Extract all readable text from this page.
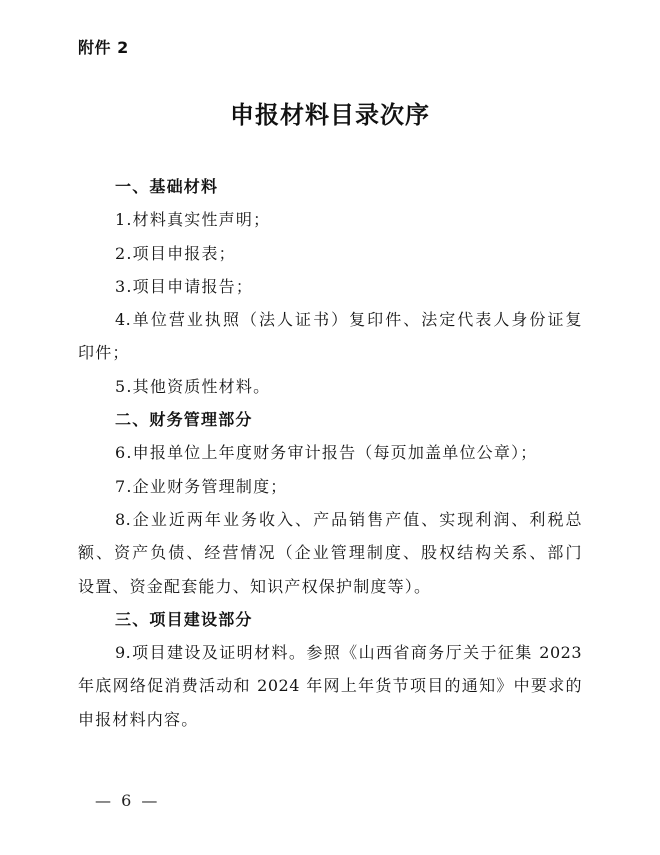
附件 2
申报材料目录次序
一、基础材料
1.材料真实性声明；
2.项目申报表；
3.项目申请报告；
4.单位营业执照（法人证书）复印件、法定代表人身份证复
印件；
5.其他资质性材料。
二、财务管理部分
6.申报单位上年度财务审计报告（每页加盖单位公章）；
7.企业财务管理制度；
8.企业近两年业务收入、产品销售产值、实现利润、利税总
额、资产负债、经营情况（企业管理制度、股权结构关系、部门
设置、资金配套能力、知识产权保护制度等）。
三、项目建设部分
9.项目建设及证明材料。参照《山西省商务厅关于征集 2023
年底网络促消费活动和 2024 年网上年货节项目的通知》中要求的
申报材料内容。
— 6 —
